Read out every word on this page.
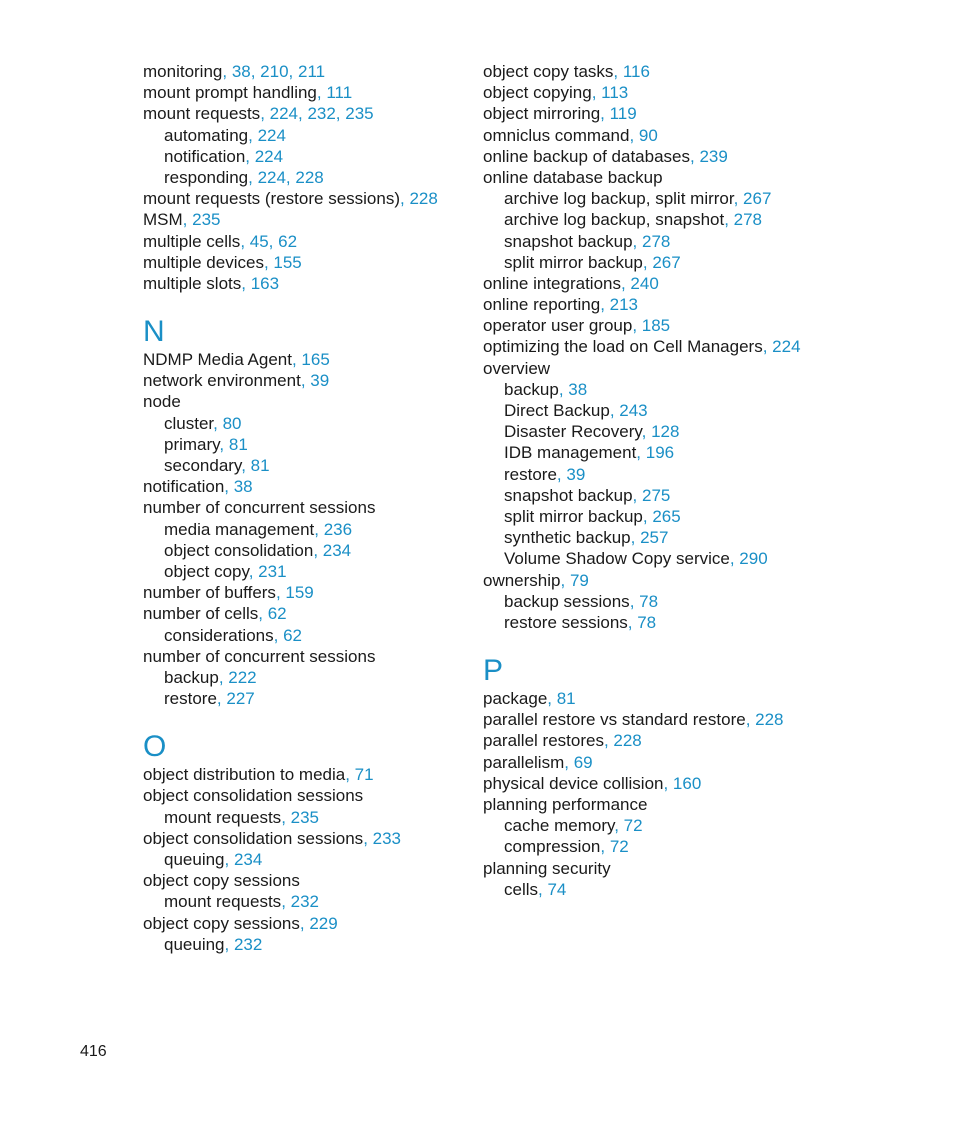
monitoring, 38, 210, 211
mount prompt handling, 111
mount requests, 224, 232, 235
automating, 224
notification, 224
responding, 224, 228
mount requests (restore sessions), 228
MSM, 235
multiple cells, 45, 62
multiple devices, 155
multiple slots, 163
N
NDMP Media Agent, 165
network environment, 39
node
cluster, 80
primary, 81
secondary, 81
notification, 38
number of concurrent sessions
media management, 236
object consolidation, 234
object copy, 231
number of buffers, 159
number of cells, 62
considerations, 62
number of concurrent sessions
backup, 222
restore, 227
O
object distribution to media, 71
object consolidation sessions
mount requests, 235
object consolidation sessions, 233
queuing, 234
object copy sessions
mount requests, 232
object copy sessions, 229
queuing, 232
object copy tasks, 116
object copying, 113
object mirroring, 119
omniclus command, 90
online backup of databases, 239
online database backup
archive log backup, split mirror, 267
archive log backup, snapshot, 278
snapshot backup, 278
split mirror backup, 267
online integrations, 240
online reporting, 213
operator user group, 185
optimizing the load on Cell Managers, 224
overview
backup, 38
Direct Backup, 243
Disaster Recovery, 128
IDB management, 196
restore, 39
snapshot backup, 275
split mirror backup, 265
synthetic backup, 257
Volume Shadow Copy service, 290
ownership, 79
backup sessions, 78
restore sessions, 78
P
package, 81
parallel restore vs standard restore, 228
parallel restores, 228
parallelism, 69
physical device collision, 160
planning performance
cache memory, 72
compression, 72
planning security
cells, 74
416
